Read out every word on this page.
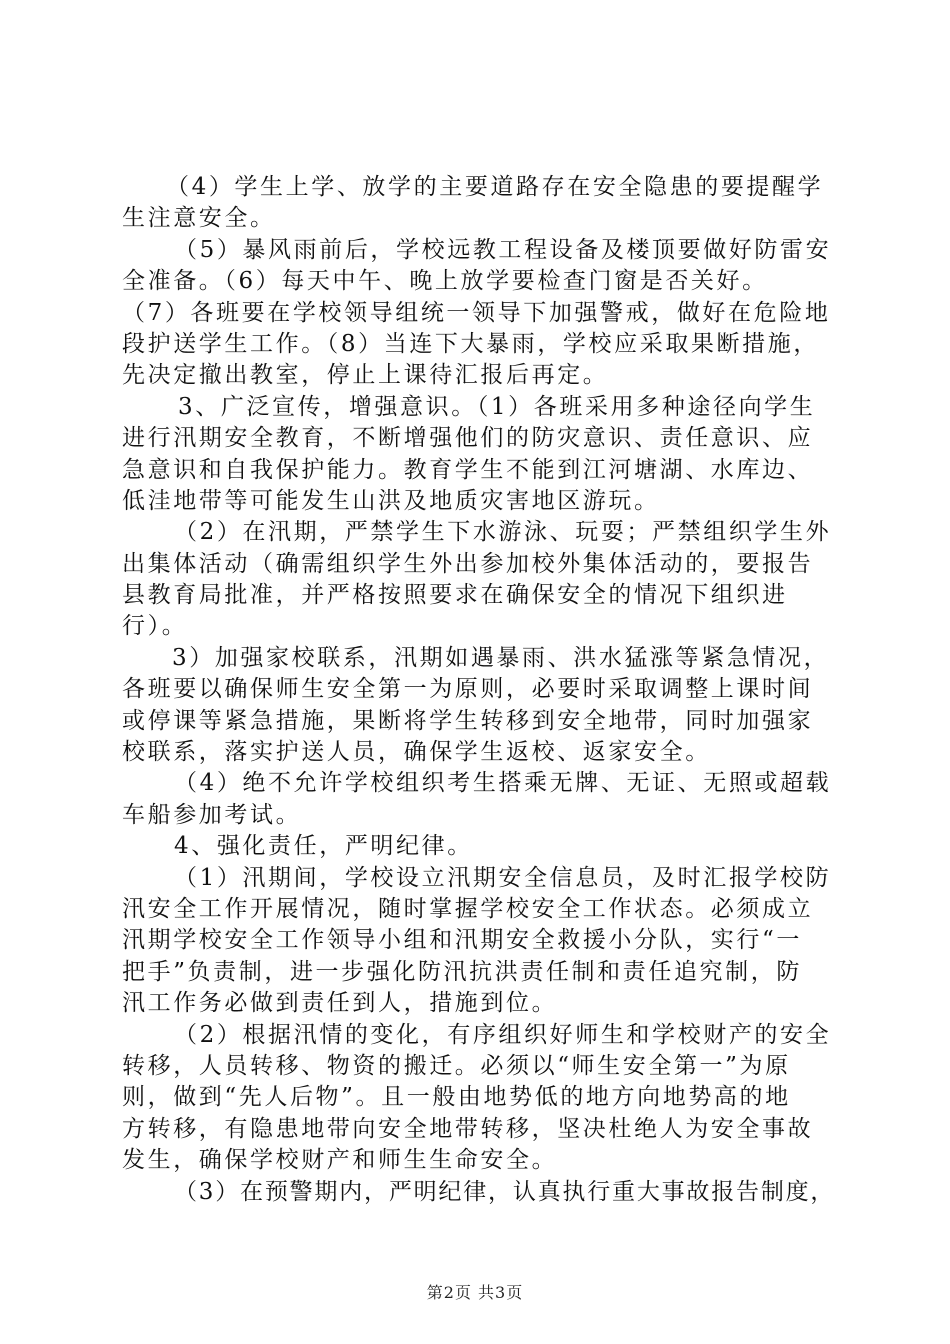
（4）学生上学、放学的主要道路存在安全隐患的要提醒学
生注意安全。
（5）暴风雨前后，学校远教工程设备及楼顶要做好防雷安
全准备。（6）每天中午、晚上放学要检查门窗是否关好。
（7）各班要在学校领导组统一领导下加强警戒，做好在危险地
段护送学生工作。（8）当连下大暴雨，学校应采取果断措施，
先决定撤出教室，停止上课待汇报后再定。
3、广泛宣传，增强意识。（1）各班采用多种途径向学生
进行汛期安全教育，不断增强他们的防灾意识、责任意识、应
急意识和自我保护能力。教育学生不能到江河塘湖、水库边、
低洼地带等可能发生山洪及地质灾害地区游玩。
（2）在汛期，严禁学生下水游泳、玩耍；严禁组织学生外
出集体活动（确需组织学生外出参加校外集体活动的，要报告
县教育局批准，并严格按照要求在确保安全的情况下组织进
行）。
3）加强家校联系，汛期如遇暴雨、洪水猛涨等紧急情况，
各班要以确保师生安全第一为原则，必要时采取调整上课时间
或停课等紧急措施，果断将学生转移到安全地带，同时加强家
校联系，落实护送人员，确保学生返校、返家安全。
（4）绝不允许学校组织考生搭乘无牌、无证、无照或超载
车船参加考试。
4、强化责任，严明纪律。
（1）汛期间，学校设立汛期安全信息员，及时汇报学校防
汛安全工作开展情况，随时掌握学校安全工作状态。必须成立
汛期学校安全工作领导小组和汛期安全救援小分队，实行“一
把手”负责制，进一步强化防汛抗洪责任制和责任追究制，防
汛工作务必做到责任到人，措施到位。
（2）根据汛情的变化，有序组织好师生和学校财产的安全
转移，人员转移、物资的搬迁。必须以“师生安全第一”为原
则，做到“先人后物”。且一般由地势低的地方向地势高的地
方转移，有隐患地带向安全地带转移，坚决杜绝人为安全事故
发生，确保学校财产和师生生命安全。
（3）在预警期内，严明纪律，认真执行重大事故报告制度，
第2页 共3页
